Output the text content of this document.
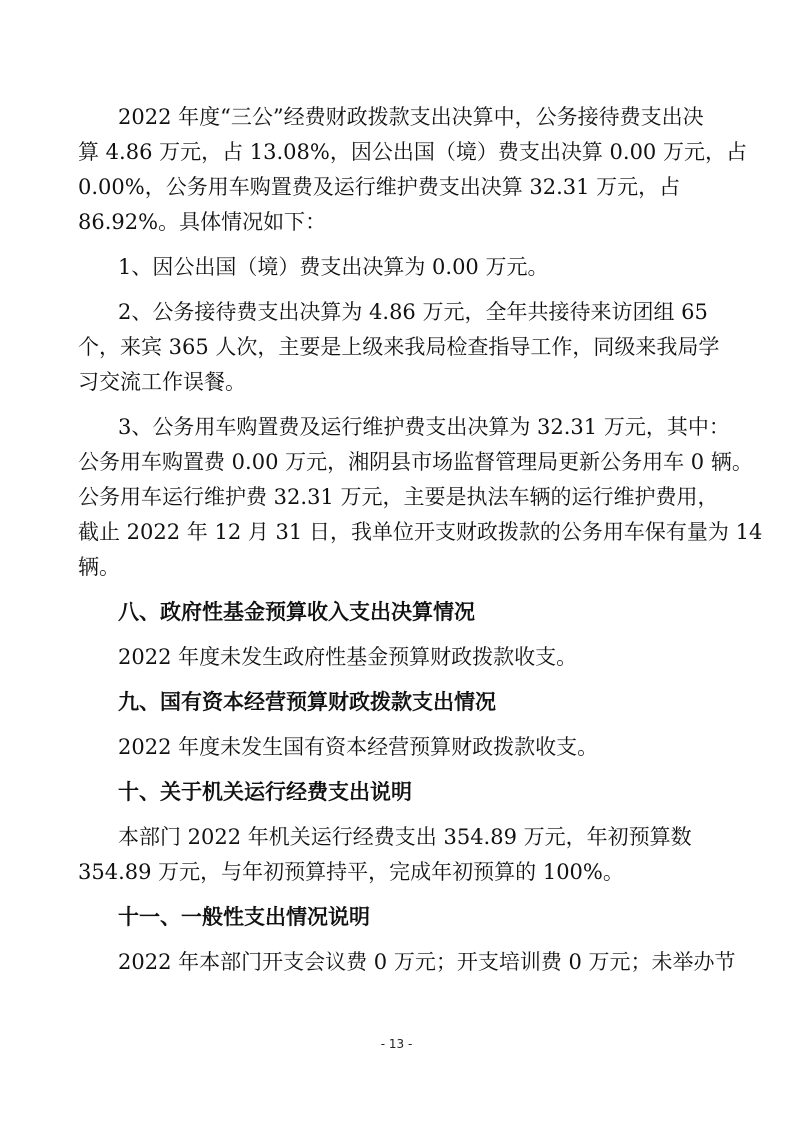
2022 年度“三公”经费财政拨款支出决算中，公务接待费支出决

算 4.86 万元，占 13.08%，因公出国（境）费支出决算 0.00 万元，占

0.00%，公务用车购置费及运行维护费支出决算 32.31 万元，占

86.92%。具体情况如下：

1、因公出国（境）费支出决算为 0.00 万元。

2、公务接待费支出决算为 4.86 万元，全年共接待来访团组 65

个，来宾 365 人次，主要是上级来我局检查指导工作，同级来我局学

习交流工作误餐。

3、公务用车购置费及运行维护费支出决算为 32.31 万元，其中：

公务用车购置费 0.00 万元，湘阴县市场监督管理局更新公务用车 0 辆。

公务用车运行维护费 32.31 万元，主要是执法车辆的运行维护费用，

截止 2022 年 12 月 31 日，我单位开支财政拨款的公务用车保有量为 14

辆。

八、政府性基金预算收入支出决算情况

2022 年度未发生政府性基金预算财政拨款收支。

九、国有资本经营预算财政拨款支出情况

2022 年度未发生国有资本经营预算财政拨款收支。

十、关于机关运行经费支出说明

本部门 2022 年机关运行经费支出 354.89 万元，年初预算数

354.89 万元，与年初预算持平，完成年初预算的 100%。

十一、一般性支出情况说明

2022 年本部门开支会议费 0 万元；开支培训费 0 万元；未举办节

- 13 -
